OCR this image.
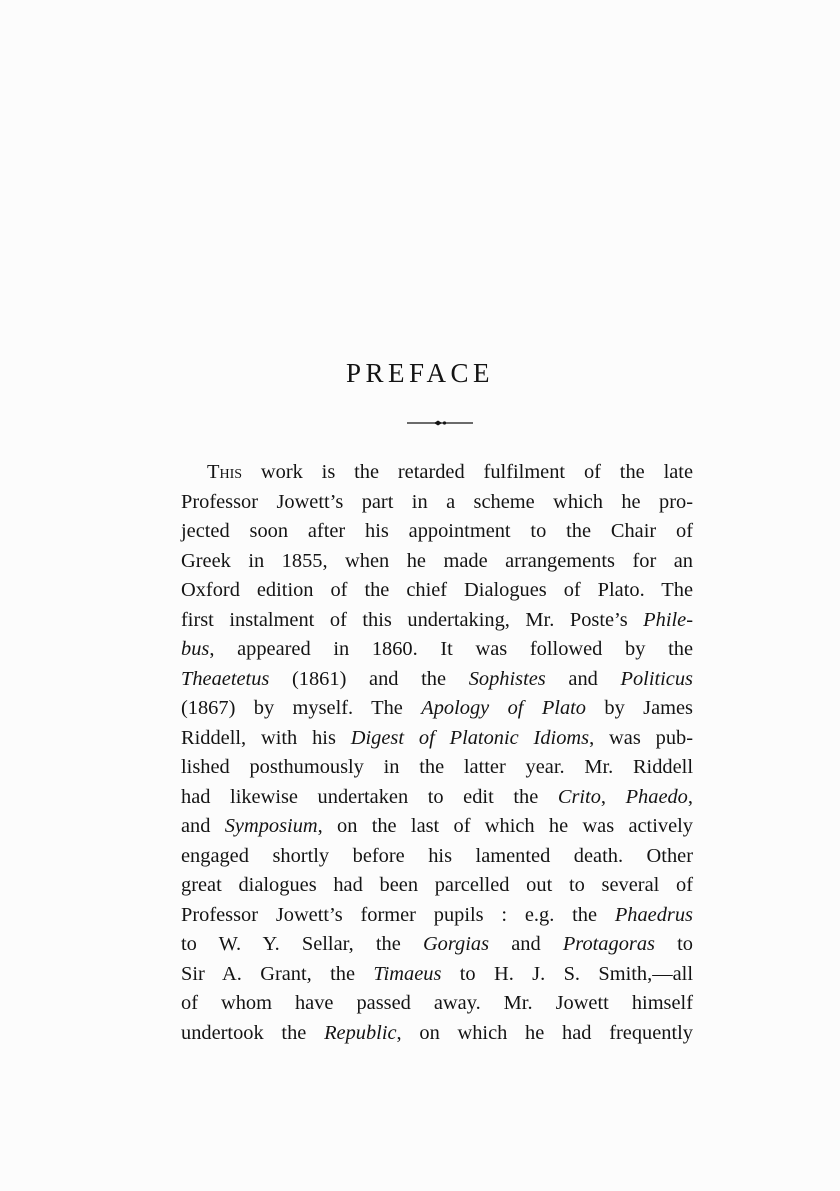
PREFACE
This work is the retarded fulfilment of the late
Professor Jowett’s part in a scheme which he pro-
jected soon after his appointment to the Chair of
Greek in 1855, when he made arrangements for an
Oxford edition of the chief Dialogues of Plato. The
first instalment of this undertaking, Mr. Poste’s Phile-
bus, appeared in 1860. It was followed by the
Theaetetus (1861) and the Sophistes and Politicus
(1867) by myself. The Apology of Plato by James
Riddell, with his Digest of Platonic Idioms, was pub-
lished posthumously in the latter year. Mr. Riddell
had likewise undertaken to edit the Crito, Phaedo,
and Symposium, on the last of which he was actively
engaged shortly before his lamented death. Other
great dialogues had been parcelled out to several of
Professor Jowett’s former pupils : e.g. the Phaedrus
to W. Y. Sellar, the Gorgias and Protagoras to
Sir A. Grant, the Timaeus to H. J. S. Smith,—all
of whom have passed away. Mr. Jowett himself
undertook the Republic, on which he had frequently
